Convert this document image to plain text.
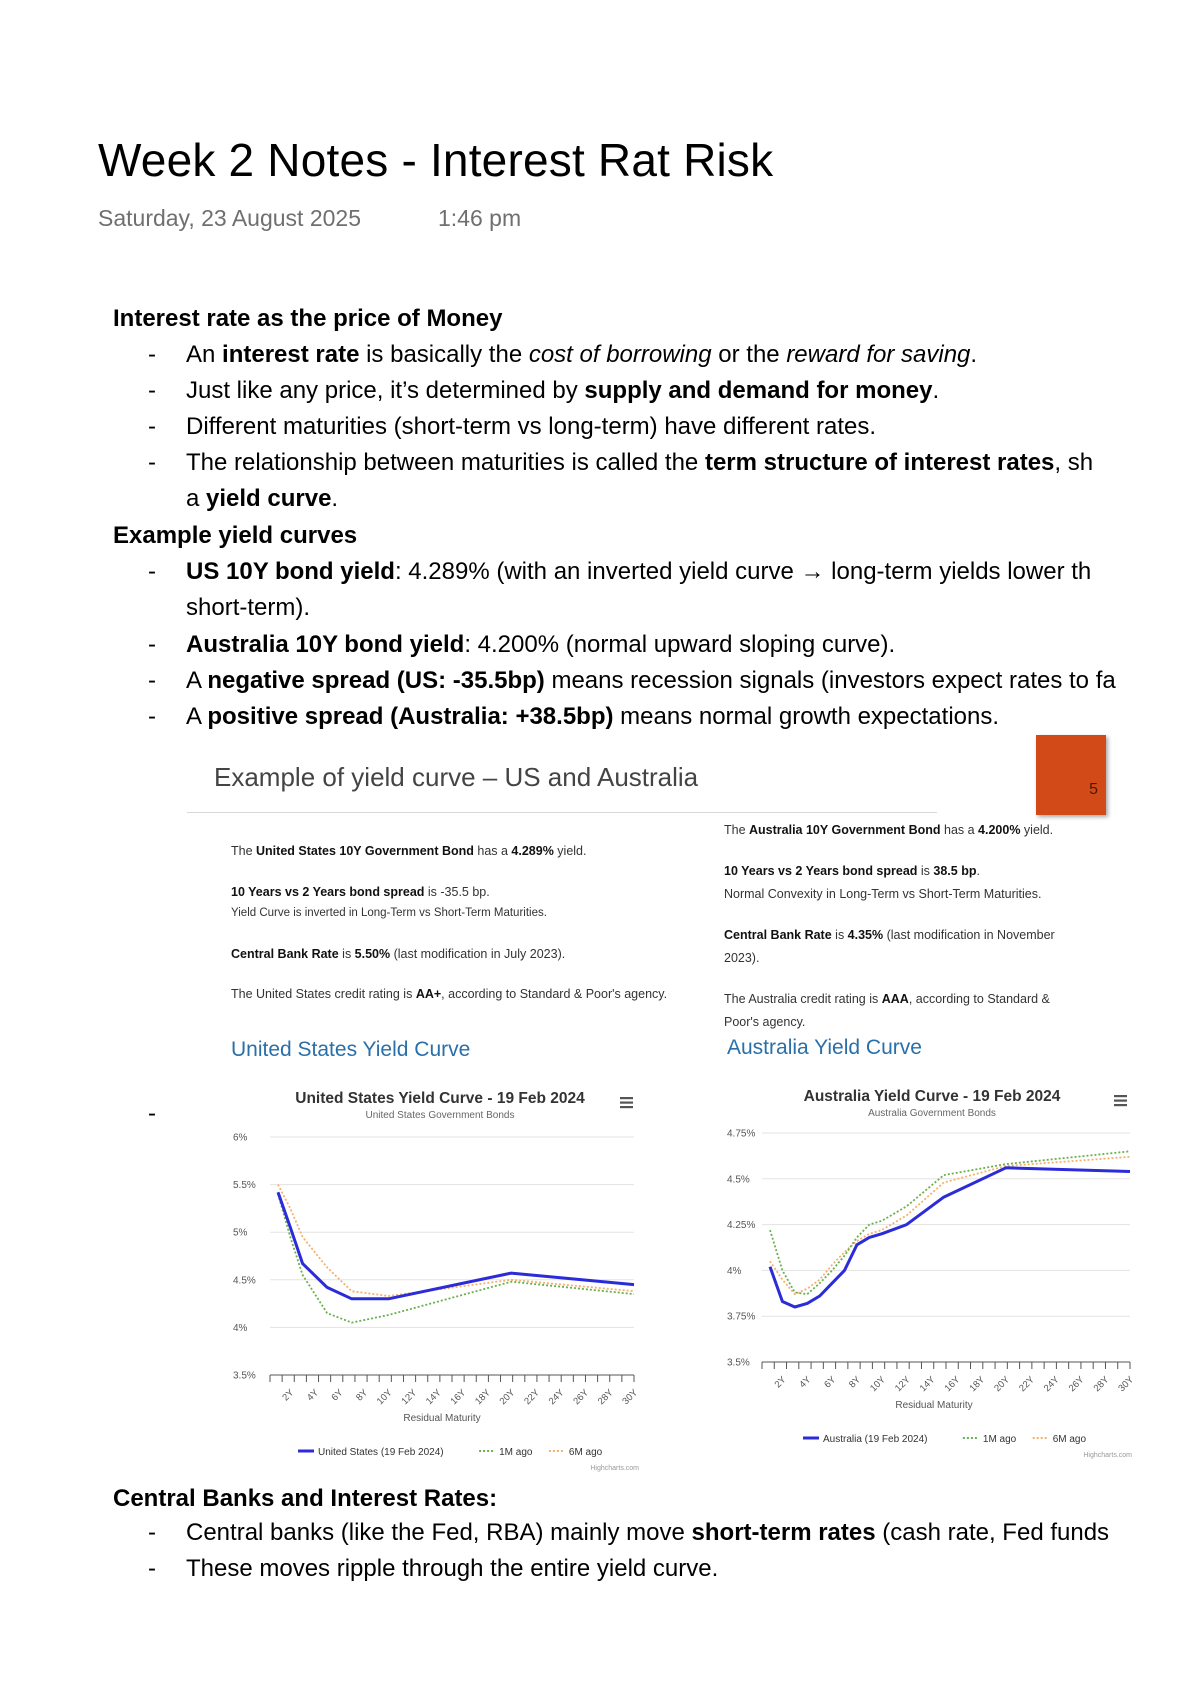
Week 2 Notes - Interest Rat Risk
Saturday, 23 August 2025	1:46 pm
Interest rate as the price of Money
- An interest rate is basically the cost of borrowing or the reward for saving.
- Just like any price, it’s determined by supply and demand for money.
- Different maturities (short-term vs long-term) have different rates.
- The relationship between maturities is called the term structure of interest rates, sh
a yield curve.
Example yield curves
- US 10Y bond yield: 4.289% (with an inverted yield curve → long-term yields lower th
short-term).
- Australia 10Y bond yield: 4.200% (normal upward sloping curve).
- A negative spread (US: -35.5bp) means recession signals (investors expect rates to fa
- A positive spread (Australia: +38.5bp) means normal growth expectations.
Example of yield curve – US and Australia	5
The United States 10Y Government Bond has a 4.289% yield.
10 Years vs 2 Years bond spread is -35.5 bp.
Yield Curve is inverted in Long-Term vs Short-Term Maturities.
Central Bank Rate is 5.50% (last modification in July 2023).
The United States credit rating is AA+, according to Standard & Poor's agency.
United States Yield Curve
The Australia 10Y Government Bond has a 4.200% yield.
10 Years vs 2 Years bond spread is 38.5 bp.
Normal Convexity in Long-Term vs Short-Term Maturities.
Central Bank Rate is 4.35% (last modification in November
2023).
The Australia credit rating is AAA, according to Standard &
Poor's agency.
Australia Yield Curve
-
United States Yield Curve - 19 Feb 2024
United States Government Bonds
6%
5.5%
5%
4.5%
4%
3.5%
2Y 4Y 6Y 8Y 10Y 12Y 14Y 16Y 18Y 20Y 22Y 24Y 26Y 28Y 30Y
Residual Maturity
United States (19 Feb 2024)	1M ago	6M ago
Highcharts.com
Australia Yield Curve - 19 Feb 2024
Australia Government Bonds
4.75%
4.5%
4.25%
4%
3.75%
3.5%
2Y 4Y 6Y 8Y 10Y 12Y 14Y 16Y 18Y 20Y 22Y 24Y 26Y 28Y 30Y
Residual Maturity
Australia (19 Feb 2024)	1M ago	6M ago
Highcharts.com
Central Banks and Interest Rates:
- Central banks (like the Fed, RBA) mainly move short-term rates (cash rate, Fed funds
- These moves ripple through the entire yield curve.
